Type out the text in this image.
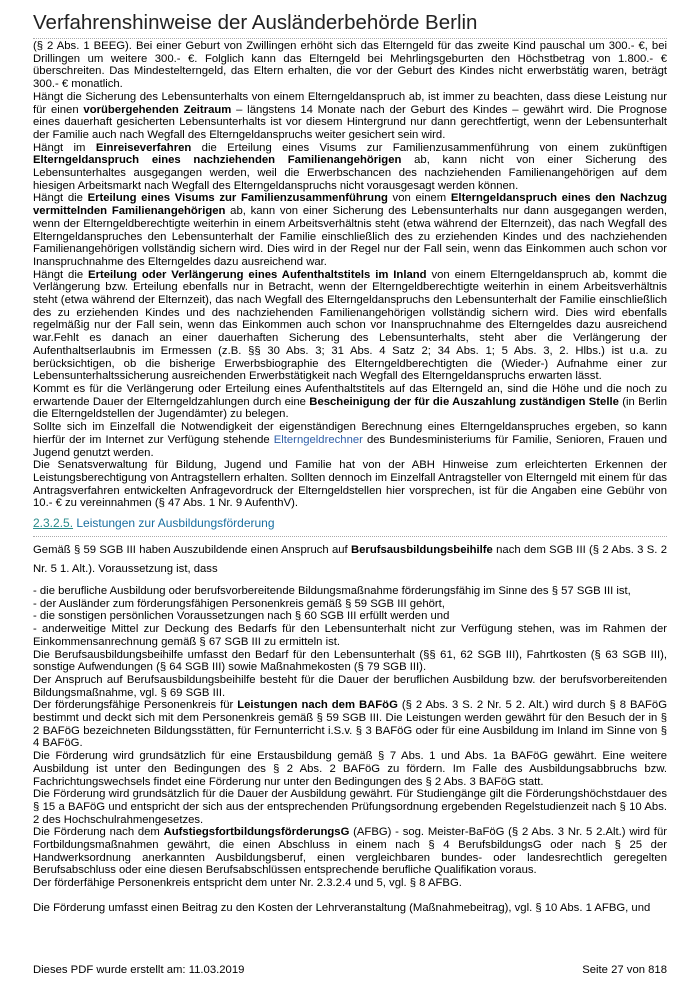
Verfahrenshinweise der Ausländerbehörde Berlin

(§ 2 Abs. 1 BEEG). Bei einer Geburt von Zwillingen erhöht sich das Elterngeld für das zweite Kind pauschal um 300.- €, bei Drillingen um weitere 300.- €. Folglich kann das Elterngeld bei Mehrlingsgeburten den Höchstbetrag von 1.800.- € überschreiten. Das Mindestelterngeld, das Eltern erhalten, die vor der Geburt des Kindes nicht erwerbstätig waren, beträgt 300.- € monatlich.

Hängt die Sicherung des Lebensunterhalts von einem Elterngeldanspruch ab, ist immer zu beachten, dass diese Leistung nur für einen vorübergehenden Zeitraum – längstens 14 Monate nach der Geburt des Kindes – gewährt wird. Die Prognose eines dauerhaft gesicherten Lebensunterhalts ist vor diesem Hintergrund nur dann gerechtfertigt, wenn der Lebensunterhalt der Familie auch nach Wegfall des Elterngeldanspruchs weiter gesichert sein wird.

Hängt im Einreiseverfahren die Erteilung eines Visums zur Familienzusammenführung von einem zukünftigen Elterngeldanspruch eines nachziehenden Familienangehörigen ab, kann nicht von einer Sicherung des Lebensunterhaltes ausgegangen werden, weil die Erwerbschancen des nachziehenden Familienangehörigen auf dem hiesigen Arbeitsmarkt nach Wegfall des Elterngeldanspruchs nicht vorausgesagt werden können.

Hängt die Erteilung eines Visums zur Familienzusammenführung von einem Elterngeldanspruch eines den Nachzug vermittelnden Familienangehörigen ab, kann von einer Sicherung des Lebensunterhalts nur dann ausgegangen werden, wenn der Elterngeldberechtigte weiterhin in einem Arbeitsverhältnis steht (etwa während der Elternzeit), das nach Wegfall des Elterngeldanspruches den Lebensunterhalt der Familie einschließlich des zu erziehenden Kindes und des nachziehenden Familienangehörigen vollständig sichern wird. Dies wird in der Regel nur der Fall sein, wenn das Einkommen auch schon vor Inanspruchnahme des Elterngeldes dazu ausreichend war.

Hängt die Erteilung oder Verlängerung eines Aufenthaltstitels im Inland von einem Elterngeldanspruch ab, kommt die Verlängerung bzw. Erteilung ebenfalls nur in Betracht, wenn der Elterngeldberechtigte weiterhin in einem Arbeitsverhältnis steht (etwa während der Elternzeit), das nach Wegfall des Elterngeldanspruchs den Lebensunterhalt der Familie einschließlich des zu erziehenden Kindes und des nachziehenden Familienangehörigen vollständig sichern wird. Dies wird ebenfalls regelmäßig nur der Fall sein, wenn das Einkommen auch schon vor Inanspruchnahme des Elterngeldes dazu ausreichend war.Fehlt es danach an einer dauerhaften Sicherung des Lebensunterhalts, steht aber die Verlängerung der Aufenthaltserlaubnis im Ermessen (z.B. §§ 30 Abs. 3; 31 Abs. 4 Satz 2; 34 Abs. 1; 5 Abs. 3, 2. Hlbs.) ist u.a. zu berücksichtigen, ob die bisherige Erwerbsbiographie des Elterngeldberechtigten die (Wieder-) Aufnahme einer zur Lebensunterhaltssicherung ausreichenden Erwerbstätigkeit nach Wegfall des Elterngeldanspruchs erwarten lässt.

Kommt es für die Verlängerung oder Erteilung eines Aufenthaltstitels auf das Elterngeld an, sind die Höhe und die noch zu erwartende Dauer der Elterngeldzahlungen durch eine Bescheinigung der für die Auszahlung zuständigen Stelle (in Berlin die Elterngeldstellen der Jugendämter) zu belegen.

Sollte sich im Einzelfall die Notwendigkeit der eigenständigen Berechnung eines Elterngeldanspruches ergeben, so kann hierfür der im Internet zur Verfügung stehende Elterngeldrechner des Bundesministeriums für Familie, Senioren, Frauen und Jugend genutzt werden.

Die Senatsverwaltung für Bildung, Jugend und Familie hat von der ABH Hinweise zum erleichterten Erkennen der Leistungsberechtigung von Antragstellern erhalten. Sollten dennoch im Einzelfall Antragsteller von Elterngeld mit einem für das Antragsverfahren entwickelten Anfragevordruck der Elterngeldstellen hier vorsprechen, ist für die Angaben eine Gebühr von 10.- € zu vereinnahmen (§ 47 Abs. 1 Nr. 9 AufenthV).

2.3.2.5. Leistungen zur Ausbildungsförderung

Gemäß § 59 SGB III haben Auszubildende einen Anspruch auf Berufsausbildungsbeihilfe nach dem SGB III (§ 2 Abs. 3 S. 2 Nr. 5 1. Alt.). Voraussetzung ist, dass

- die berufliche Ausbildung oder berufsvorbereitende Bildungsmaßnahme förderungsfähig im Sinne des § 57 SGB III ist,

- der Ausländer zum förderungsfähigen Personenkreis gemäß § 59 SGB III gehört,

- die sonstigen persönlichen Voraussetzungen nach § 60 SGB III erfüllt werden und

- anderweitige Mittel zur Deckung des Bedarfs für den Lebensunterhalt nicht zur Verfügung stehen, was im Rahmen der Einkommensanrechnung gemäß § 67 SGB III zu ermitteln ist.

Die Berufsausbildungsbeihilfe umfasst den Bedarf für den Lebensunterhalt (§§ 61, 62 SGB III), Fahrtkosten (§ 63 SGB III), sonstige Aufwendungen (§ 64 SGB III) sowie Maßnahmekosten (§ 79 SGB III).

Der Anspruch auf Berufsausbildungsbeihilfe besteht für die Dauer der beruflichen Ausbildung bzw. der berufsvorbereitenden Bildungsmaßnahme, vgl. § 69 SGB III.

Der förderungsfähige Personenkreis für Leistungen nach dem BAFöG (§ 2 Abs. 3 S. 2 Nr. 5 2. Alt.) wird durch § 8 BAFöG bestimmt und deckt sich mit dem Personenkreis gemäß § 59 SGB III. Die Leistungen werden gewährt für den Besuch der in § 2 BAFöG bezeichneten Bildungsstätten, für Fernunterricht i.S.v. § 3 BAFöG oder für eine Ausbildung im Inland im Sinne von § 4 BAFöG.

Die Förderung wird grundsätzlich für eine Erstausbildung gemäß § 7 Abs. 1 und Abs. 1a BAFöG gewährt. Eine weitere Ausbildung ist unter den Bedingungen des § 2 Abs. 2 BAFöG zu fördern. Im Falle des Ausbildungsabbruchs bzw. Fachrichtungswechsels findet eine Förderung nur unter den Bedingungen des § 2 Abs. 3 BAFöG statt.

Die Förderung wird grundsätzlich für die Dauer der Ausbildung gewährt. Für Studiengänge gilt die Förderungshöchstdauer des § 15 a BAFöG und entspricht der sich aus der entsprechenden Prüfungsordnung ergebenden Regelstudienzeit nach § 10 Abs. 2 des Hochschulrahmengesetzes.

Die Förderung nach dem AufstiegsfortbildungsförderungsG (AFBG) - sog. Meister-BaFöG (§ 2 Abs. 3 Nr. 5 2.Alt.) wird für Fortbildungsmaßnahmen gewährt, die einen Abschluss in einem nach § 4 BerufsbildungsG oder nach § 25 der Handwerksordnung anerkannten Ausbildungsberuf, einen vergleichbaren bundes- oder landesrechtlich geregelten Berufsabschluss oder eine diesen Berufsabschlüssen entsprechende berufliche Qualifikation voraus.

Der förderfähige Personenkreis entspricht dem unter Nr. 2.3.2.4 und 5, vgl. § 8 AFBG.

Die Förderung umfasst einen Beitrag zu den Kosten der Lehrveranstaltung (Maßnahmebeitrag), vgl. § 10 Abs. 1 AFBG, und

Dieses PDF wurde erstellt am: 11.03.2019	Seite 27 von 818
